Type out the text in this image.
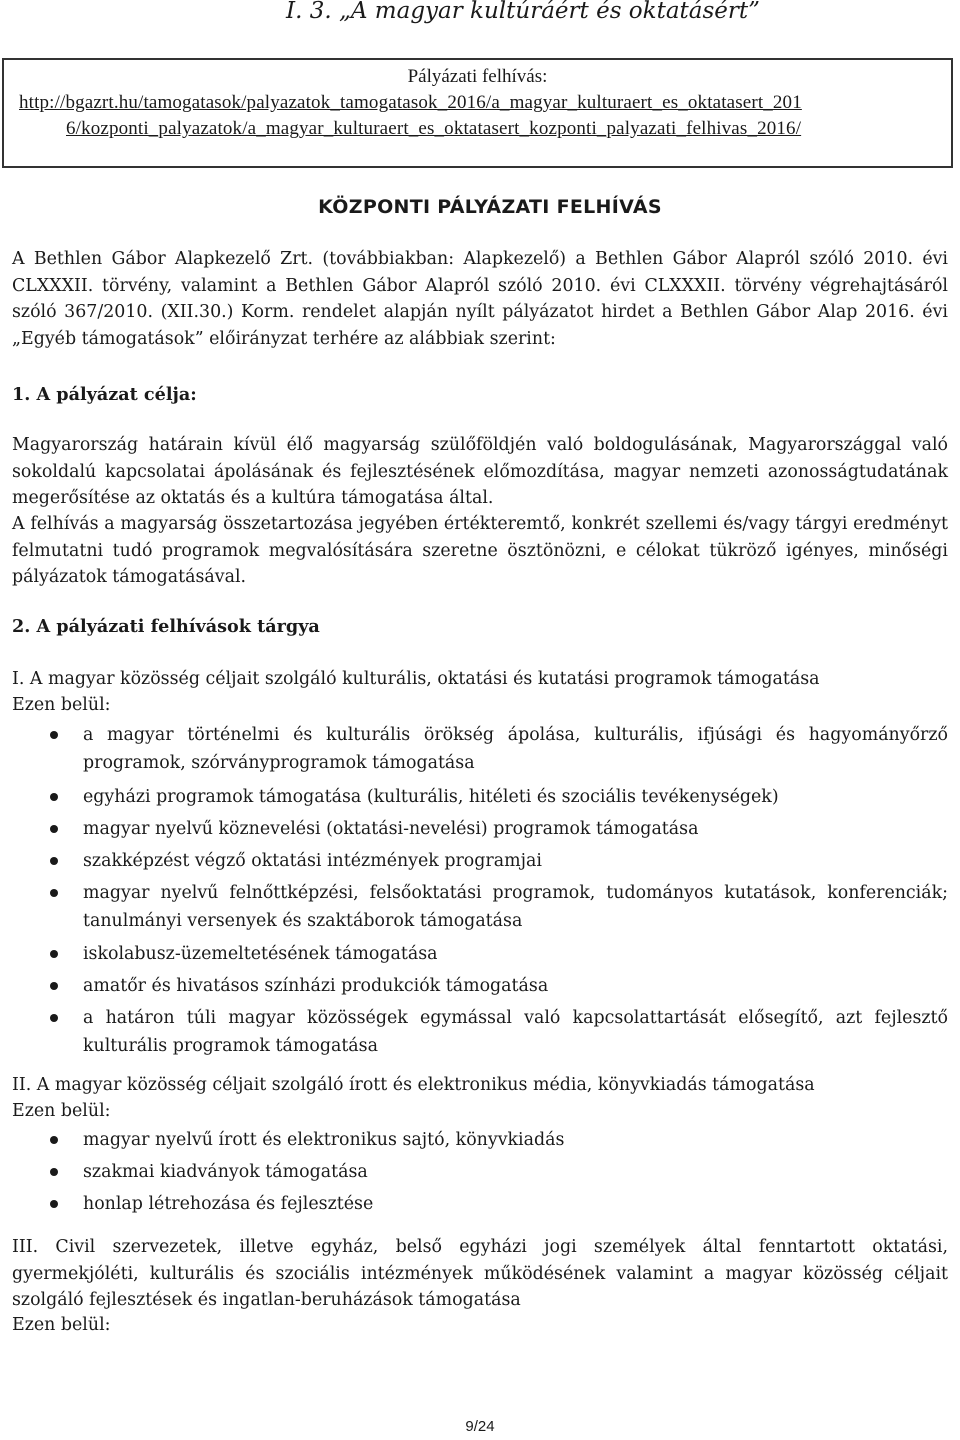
I. 3. „A magyar kultúráért és oktatásért”
Pályázati felhívás:
http://bgazrt.hu/tamogatasok/palyazatok_tamogatasok_2016/a_magyar_kulturaert_es_oktatasert_201
6/kozponti_palyazatok/a_magyar_kulturaert_es_oktatasert_kozponti_palyazati_felhivas_2016/
KÖZPONTI PÁLYÁZATI FELHÍVÁS

A Bethlen Gábor Alapkezelő Zrt. (továbbiakban: Alapkezelő) a Bethlen Gábor Alapról szóló 2010. évi CLXXXII. törvény, valamint a Bethlen Gábor Alapról szóló 2010. évi CLXXXII. törvény végrehajtásáról szóló 367/2010. (XII.30.) Korm. rendelet alapján nyílt pályázatot hirdet a Bethlen Gábor Alap 2016. évi „Egyéb támogatások” előirányzat terhére az alábbiak szerint:

1. A pályázat célja:

Magyarország határain kívül élő magyarság szülőföldjén való boldogulásának, Magyarországgal való sokoldalú kapcsolatai ápolásának és fejlesztésének előmozdítása, magyar nemzeti azonosságtudatának megerősítése az oktatás és a kultúra támogatása által.

A felhívás a magyarság összetartozása jegyében értékteremtő, konkrét szellemi és/vagy tárgyi eredményt felmutatni tudó programok megvalósítására szeretne ösztönözni, e célokat tükröző igényes, minőségi pályázatok támogatásával.

2. A pályázati felhívások tárgya

I. A magyar közösség céljait szolgáló kulturális, oktatási és kutatási programok támogatása

Ezen belül:

a magyar történelmi és kulturális örökség ápolása, kulturális, ifjúsági és hagyományőrző programok, szórványprogramok támogatása
egyházi programok támogatása (kulturális, hitéleti és szociális tevékenységek)
magyar nyelvű köznevelési (oktatási-nevelési) programok támogatása
szakképzést végző oktatási intézmények programjai
magyar nyelvű felnőttképzési, felsőoktatási programok, tudományos kutatások, konferenciák; tanulmányi versenyek és szaktáborok támogatása
iskolabusz-üzemeltetésének támogatása
amatőr és hivatásos színházi produkciók támogatása
a határon túli magyar közösségek egymással való kapcsolattartását elősegítő, azt fejlesztő kulturális programok támogatása

II. A magyar közösség céljait szolgáló írott és elektronikus média, könyvkiadás támogatása

Ezen belül:

magyar nyelvű írott és elektronikus sajtó, könyvkiadás
szakmai kiadványok támogatása
honlap létrehozása és fejlesztése

III. Civil szervezetek, illetve egyház, belső egyházi jogi személyek által fenntartott oktatási, gyermekjóléti, kulturális és szociális intézmények működésének valamint a magyar közösség céljait szolgáló fejlesztések és ingatlan-beruházások támogatása

Ezen belül:

9/24
